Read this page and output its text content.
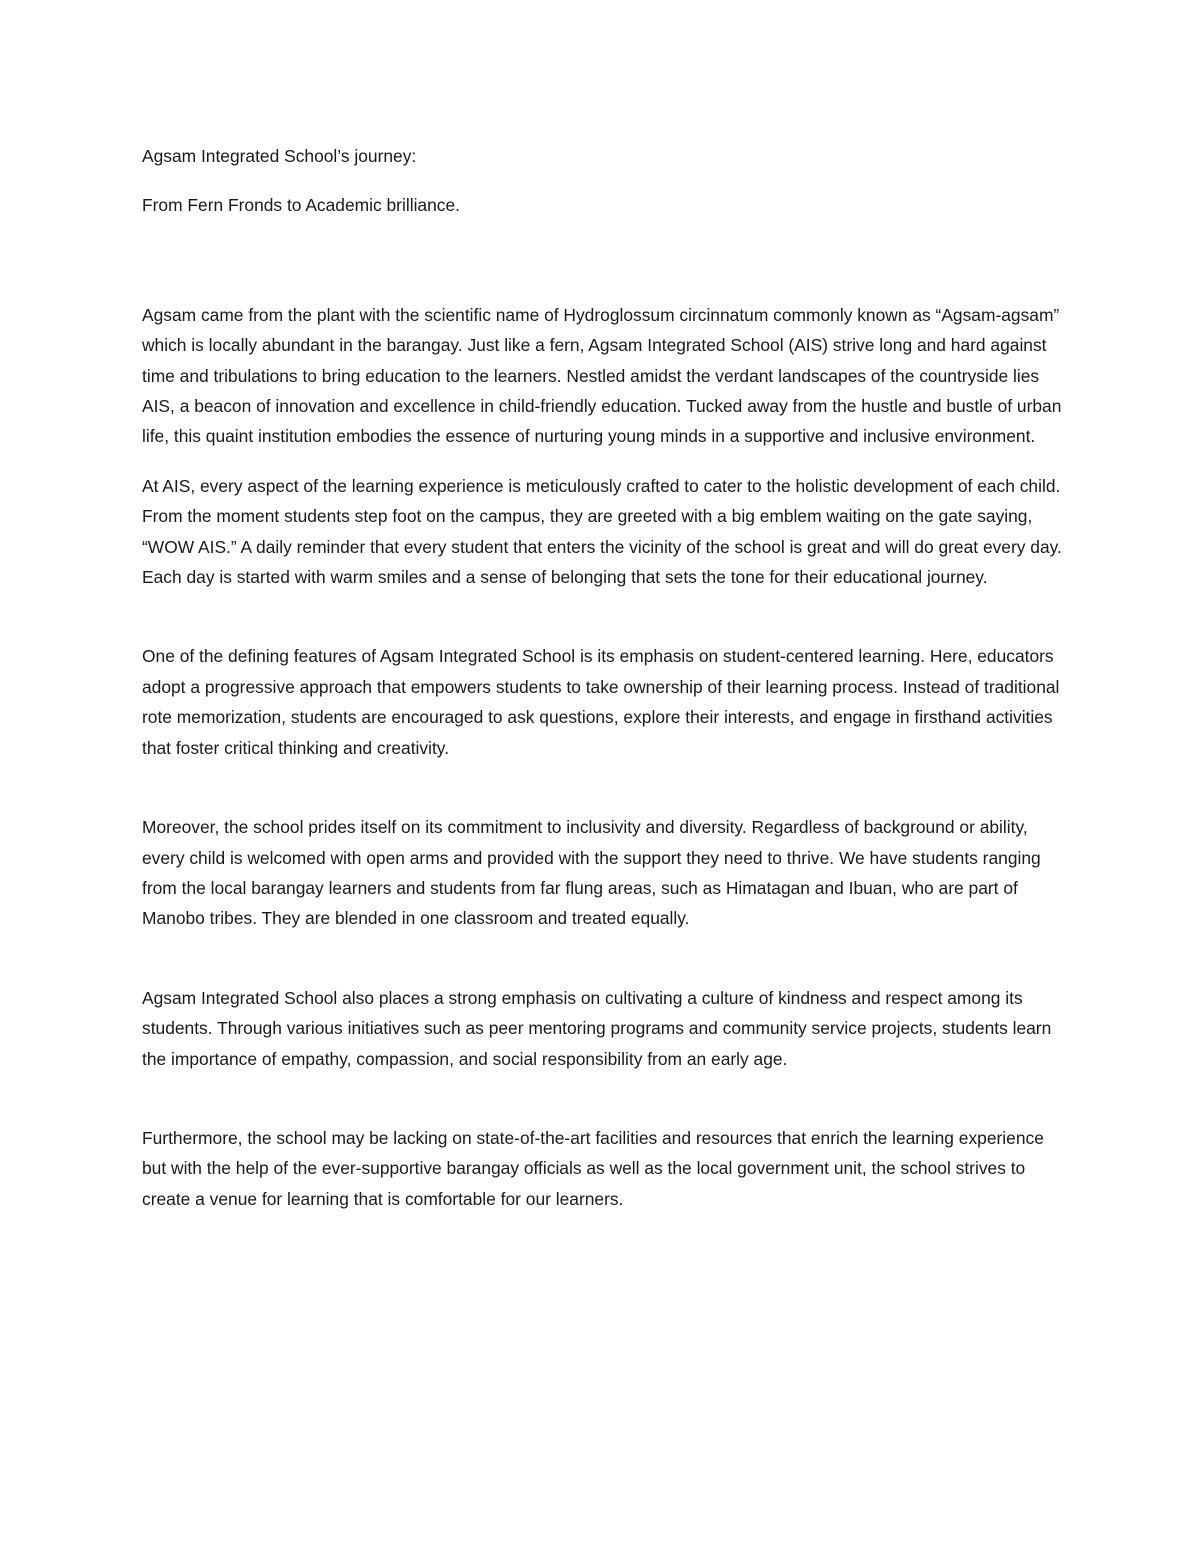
Agsam Integrated School’s journey:

From Fern Fronds to Academic brilliance.

Agsam came from the plant with the scientific name of Hydroglossum circinnatum commonly known as “Agsam-agsam” which is locally abundant in the barangay. Just like a fern, Agsam Integrated School (AIS) strive long and hard against time and tribulations to bring education to the learners. Nestled amidst the verdant landscapes of the countryside lies AIS, a beacon of innovation and excellence in child-friendly education. Tucked away from the hustle and bustle of urban life, this quaint institution embodies the essence of nurturing young minds in a supportive and inclusive environment.

At AIS, every aspect of the learning experience is meticulously crafted to cater to the holistic development of each child. From the moment students step foot on the campus, they are greeted with a big emblem waiting on the gate saying, “WOW AIS.” A daily reminder that every student that enters the vicinity of the school is great and will do great every day. Each day is started with warm smiles and a sense of belonging that sets the tone for their educational journey.

One of the defining features of Agsam Integrated School is its emphasis on student-centered learning. Here, educators adopt a progressive approach that empowers students to take ownership of their learning process. Instead of traditional rote memorization, students are encouraged to ask questions, explore their interests, and engage in firsthand activities that foster critical thinking and creativity.

Moreover, the school prides itself on its commitment to inclusivity and diversity. Regardless of background or ability, every child is welcomed with open arms and provided with the support they need to thrive. We have students ranging from the local barangay learners and students from far flung areas, such as Himatagan and Ibuan, who are part of Manobo tribes. They are blended in one classroom and treated equally.

Agsam Integrated School also places a strong emphasis on cultivating a culture of kindness and respect among its students. Through various initiatives such as peer mentoring programs and community service projects, students learn the importance of empathy, compassion, and social responsibility from an early age.

Furthermore, the school may be lacking on state-of-the-art facilities and resources that enrich the learning experience but with the help of the ever-supportive barangay officials as well as the local government unit, the school strives to create a venue for learning that is comfortable for our learners.
